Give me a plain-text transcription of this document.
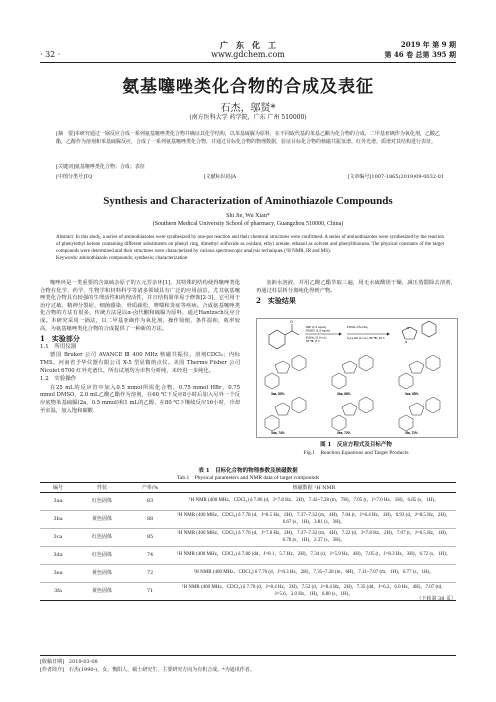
· 32 ·
广　东　化　工
www.gdchem.com
2019 年 第 9 期
第 46 卷 总第 395 期
氨基噻唑类化合物的合成及表征
石杰，邬贤*
(南方医科大学 药学院，广东 广州 510000)
[摘　要]本研究通过一锅反应合成一系列氨基噻唑类化合物并确证其化学结构，以苯基硫脲为原料，在不同取代基的苯基乙酮为化合物的合成，二甲基亚砜作为氧化剂，乙酸乙酯，乙醇作为溶剂和苯基硫脲反应，合成了一系列氨基噻唑类化合物，并通过目标化合物的物理数据，验证目标化合物的核磁共振氢谱、红外光谱、质谱对其结构进行表征。
[关键词]氨基噻唑类化合物；合成；表征
[中图分类号]TQ	[文献标识码]A	[文章编号]1007-1865(2019)09-0032-01
Synthesis and Characterization of Aminothiazole Compounds
Shi Jie, Wu Xian*
(Southern Medical University School of pharmacy, Guangzhou 510000, China)
Abstract: In this study, a series of aminothiazoles were synthesized by one-pot reaction and their chemical structures were confirmed. A series of aminothiazoles were synthesized by the reaction of phenylethyl ketone containing different substituents on phenyl ring, dimethyl sulfoxide as oxidant, ethyl acetate, ethanol as solvent and phenylthiourea. The physical constants of the target compounds were determined and their structures were characterized by various spectroscopic analysis techniques (¹H NMR, IR and MS).
Keywords: aminothiazole compounds; synthesis; characterization

噻唑环是一类重要的含氮硫杂原子的五元芳杂环[1]，其特殊的结构使得噻唑类化合物在化学、药学、生物学和材料科学等诸多领域具有广泛的应用前景。尤其氨基噻唑类化合物具有较强的生理活性和药理活性，并且结构简单易于修饰[2-3]，它可用于治疗过敏、精神分裂症、细菌感染、骨质疏松、哮喘和炎症等疾病。合成氨基噻唑类化合物的方法有很多，传统方法是以α-卤代酮和硫脲为原料，通过Hantzsch反应合成。本研究采用一锅法，以二甲基亚砜作为氧化剂，操作简便，条件温和，收率较高，为氨基噻唑类化合物的合成提供了一种新的方法。

1　实验部分
1.1　所用仪器

德国 Bruker 公司 AVANCE Ⅲ 400 MHz 核磁共振仪，溶剂CDCl₃；内标 TMS。河南省予华仪器有限公司 X-5 型显微熔点仪。美国 Thermo Fisher 公司 Nicolet 6700 红外光谱仪。所有试剂均为市售分析纯，未经进一步纯化。

1.2　实验操作

在25 mL的反应管中加入0.5 mmol所需化合物，0.75 mmol HBr，0.75 mmol DMSO，2.0 mL乙酸乙酯作为溶剂，在60 ℃下反应8小时后加入另外一个反应底物苯基硫脲(2a，0.5 mmol)和1 mL的乙醇，在80 ℃下继续反应16小时，冷却至室温，加入饱和碳酸

氢钠水溶液，并用乙酸乙酯萃取三遍，用无水硫酸镁干燥，减压蒸馏除去溶剂，再通过柱层析分离纯化得到产物。

2　实验结果
O
HBr (1.5 equiv)
DMSO (1.5 equiv)
EtOAc (2.0 mL)
60 ℃, 8 h
PhNH–CS–NH₂
C₂H₅OH (1 mL), 80 ℃, 16 h
S
N
3aa, 83%	3ba, 88%	3ca, 85%
3da, 74%	3ea, 72%	3fa, 71%
图 1　反应方程式及目标产物
Fig.1　Reaction Equations and Target Products
表 1　目标化合物的物理参数及核磁数据
Tab.1　Physical parameters and NMR data of target compounds
编号	性状	产率/%	核磁数据 ¹H NMR
3aa	红色固体	83	¹H NMR (400 MHz，CDCl₃) δ 7.86 (d，J=7.8 Hz，2H)，7.42~7.28 (m，7H)，7.05 (t，J=7.0 Hz，1H)，6.85 (s，1H)。
3ba	黄色固体	88	¹H NMR (400 MHz，CDCl₃) δ 7.78 (d，J=8.5 Hz，2H)，7.37~7.32 (m，4H)，7.04 (t，J=6.4 Hz，1H)，6.93 (d，J=8.5 Hz，2H)，6.67 (s，1H)，3.81 (s，3H)。
3ca	红色固体	85	¹H NMR (400 MHz，CDCl₃) δ 7.76 (d，J=7.8 Hz，2H)，7.37~7.32 (m，4H)，7.22 (d，J=7.8 Hz，2H)，7.07 (t，J=6.5 Hz，1H)，6.78 (s，1H)，2.37 (s，3H)。
3da	红色固体	74	¹H NMR (400 MHz，CDCl₃) δ 7.80 (dd，J=8.1，5.7 Hz，2H)，7.34 (d，J=5.9 Hz，4H)，7.05 (t，J=8.3 Hz，3H)，6.72 (s，1H)。
3ea	黄色固体	72	¹H NMR (400 MHz，CDCl₃) δ 7.76 (d，J=8.3 Hz，2H)，7.35~7.28 (m，6H)，7.11~7.07 (m，1H)，6.77 (s，1H)。
3fa	黄色固体	71	¹H NMR (400 MHz，CDCl₃) δ 7.70 (d，J=8.4 Hz，2H)，7.52 (d，J=8.4 Hz，2H)，7.35 (dd，J=6.2，6.0 Hz，4H)，7.07 (td，J=5.6，3.0 Hz，1H)，6.80 (s，1H)。
（下转第 38 页）
[收稿日期]　2019-03-08
[作者简介]　石杰(1990-)，女，衡阳人，硕士研究生，主要研究方向为有机合成。*为通讯作者。
